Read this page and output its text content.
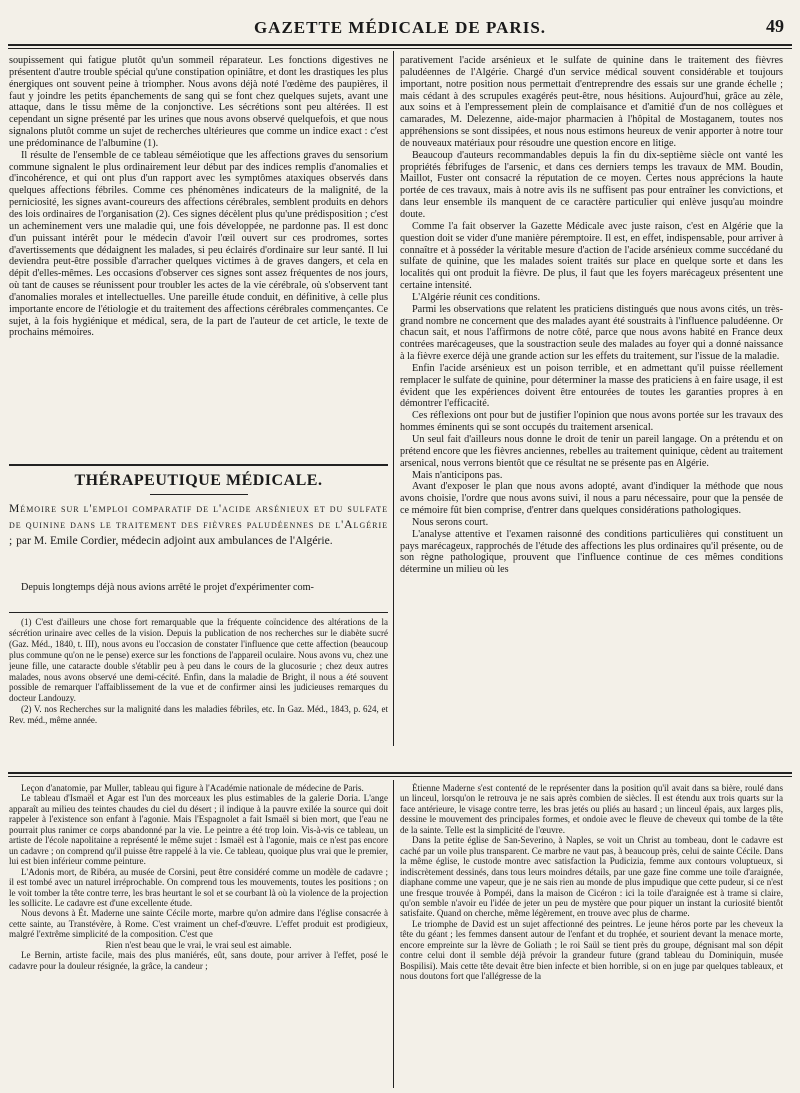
GAZETTE MÉDICALE DE PARIS.	49

soupissement qui fatigue plutôt qu'un sommeil réparateur. Les fonctions digestives ne présentent d'autre trouble spécial qu'une constipation opiniâtre, et dont les drastiques les plus énergiques ont souvent peine à triompher. Nous avons déjà noté l'œdème des paupières, il faut y joindre les petits épanchements de sang qui se font chez quelques sujets, avant une attaque, dans le tissu même de la conjonctive. Les sécrétions sont peu altérées. Il est cependant un signe présenté par les urines que nous avons observé quelquefois, et que nous signalons plutôt comme un sujet de recherches ultérieures que comme un indice exact : c'est une prédominance de l'albumine (1).

Il résulte de l'ensemble de ce tableau séméiotique que les affections graves du sensorium commune signalent le plus ordinairement leur début par des indices remplis d'anomalies et d'incohérence, et qui ont plus d'un rapport avec les symptômes ataxiques observés dans quelques affections fébriles. Comme ces phénomènes indicateurs de la malignité, de la perniciosité, les signes avant-coureurs des affections cérébrales, semblent produits en dehors des lois ordinaires de l'organisation (2). Ces signes décèlent plus qu'une prédisposition ; c'est un acheminement vers une maladie qui, une fois développée, ne pardonne pas. Il est donc d'un puissant intérêt pour le médecin d'avoir l'œil ouvert sur ces prodromes, sortes d'avertissements que dédaignent les malades, si peu éclairés d'ordinaire sur leur santé. Il lui deviendra peut-être possible d'arracher quelques victimes à de graves dangers, et cela en dépit d'elles-mêmes. Les occasions d'observer ces signes sont assez fréquentes de nos jours, où tant de causes se réunissent pour troubler les actes de la vie cérébrale, où s'observent tant d'anomalies morales et intellectuelles. Une pareille étude conduit, en définitive, à celle plus importante encore de l'étiologie et du traitement des affections cérébrales commençantes. Ce sujet, à la fois hygiénique et médical, sera, de la part de l'auteur de cet article, le texte de prochains mémoires.

THÉRAPEUTIQUE MÉDICALE.
Mémoire sur l'emploi comparatif de l'acide arsénieux et du sulfate de quinine dans le traitement des fièvres paludéennes de l'Algérie ; par M. Emile Cordier, médecin adjoint aux ambulances de l'Algérie.
Depuis longtemps déjà nous avions arrêté le projet d'expérimenter com-

(1) C'est d'ailleurs une chose fort remarquable que la fréquente coïncidence des altérations de la sécrétion urinaire avec celles de la vision. Depuis la publication de nos recherches sur le diabète sucré (Gaz. Méd., 1840, t. III), nous avons eu l'occasion de constater l'influence que cette affection (beaucoup plus commune qu'on ne le pense) exerce sur les fonctions de l'appareil oculaire. Nous avons vu, chez une jeune fille, une cataracte double s'établir peu à peu dans le cours de la glucosurie ; chez deux autres malades, nous avons observé une demi-cécité. Enfin, dans la maladie de Bright, il nous a été souvent possible de remarquer l'affaiblissement de la vue et de confirmer ainsi les judicieuses remarques du docteur Landouzy.

(2) V. nos Recherches sur la malignité dans les maladies fébriles, etc. In Gaz. Méd., 1843, p. 624, et Rev. méd., même année.

parativement l'acide arsénieux et le sulfate de quinine dans le traitement des fièvres paludéennes de l'Algérie. Chargé d'un service médical souvent considérable et toujours important, notre position nous permettait d'entreprendre des essais sur une grande échelle ; mais cédant à des scrupules exagérés peut-être, nous hésitions. Aujourd'hui, grâce au zèle, aux soins et à l'empressement plein de complaisance et d'amitié d'un de nos collègues et camarades, M. Delezenne, aide-major pharmacien à l'hôpital de Mostaganem, toutes nos appréhensions se sont dissipées, et nous nous estimons heureux de venir apporter à notre tour de nouveaux matériaux pour résoudre une question encore en litige.

Beaucoup d'auteurs recommandables depuis la fin du dix-septième siècle ont vanté les propriétés fébrifuges de l'arsenic, et dans ces derniers temps les travaux de MM. Boudin, Maillot, Fuster ont consacré la réputation de ce moyen. Certes nous apprécions la haute portée de ces travaux, mais à notre avis ils ne suffisent pas pour entraîner les convictions, et dans leur ensemble ils manquent de ce caractère particulier qui enlève jusqu'au moindre doute.

Comme l'a fait observer la Gazette Médicale avec juste raison, c'est en Algérie que la question doit se vider d'une manière péremptoire. Il est, en effet, indispensable, pour arriver à connaître et à posséder la véritable mesure d'action de l'acide arsénieux comme succédané du sulfate de quinine, que les malades soient traités sur place en quelque sorte et dans les localités qui ont produit la fièvre. De plus, il faut que les foyers marécageux présentent une certaine intensité.

L'Algérie réunit ces conditions.

Parmi les observations que relatent les praticiens distingués que nous avons cités, un très-grand nombre ne concernent que des malades ayant été soustraits à l'influence paludéenne. Or chacun sait, et nous l'affirmons de notre côté, parce que nous avons habité en France deux contrées marécageuses, que la soustraction seule des malades au foyer qui a donné naissance à la fièvre exerce déjà une grande action sur les effets du traitement, sur l'issue de la maladie.

Enfin l'acide arsénieux est un poison terrible, et en admettant qu'il puisse réellement remplacer le sulfate de quinine, pour déterminer la masse des praticiens à en faire usage, il est évident que les expériences doivent être entourées de toutes les garanties propres à en démontrer l'efficacité.

Ces réflexions ont pour but de justifier l'opinion que nous avons portée sur les travaux des hommes éminents qui se sont occupés du traitement arsenical.

Un seul fait d'ailleurs nous donne le droit de tenir un pareil langage. On a prétendu et on prétend encore que les fièvres anciennes, rebelles au traitement quinique, cèdent au traitement arsenical, nous verrons bientôt que ce résultat ne se présente pas en Algérie.

Mais n'anticipons pas.

Avant d'exposer le plan que nous avons adopté, avant d'indiquer la méthode que nous avons choisie, l'ordre que nous avons suivi, il nous a paru nécessaire, pour que la pensée de ce mémoire fût bien comprise, d'entrer dans quelques considérations pathologiques.

Nous serons court.

L'analyse attentive et l'examen raisonné des conditions particulières qui constituent un pays marécageux, rapprochés de l'étude des affections les plus ordinaires qu'il présente, ou de son règne pathologique, prouvent que l'influence continue de ces mêmes conditions détermine un milieu où les

Leçon d'anatomie, par Muller, tableau qui figure à l'Académie nationale de médecine de Paris.

Le tableau d'Ismaël et Agar est l'un des morceaux les plus estimables de la galerie Doria. L'ange apparaît au milieu des teintes chaudes du ciel du désert ; il indique à la pauvre exilée la source qui doit rappeler à l'existence son enfant à l'agonie. Mais l'Espagnolet a fait Ismaël si bien mort, que l'eau ne pourrait plus ranimer ce corps abandonné par la vie. Le peintre a été trop loin. Vis-à-vis ce tableau, un artiste de l'école napolitaine a représenté le même sujet : Ismaël est à l'agonie, mais ce n'est pas encore un cadavre ; on comprend qu'il puisse être rappelé à la vie. Ce tableau, quoique plus vrai que le premier, lui est bien inférieur comme peinture.

L'Adonis mort, de Ribéra, au musée de Corsini, peut être considéré comme un modèle de cadavre ; il est tombé avec un naturel irréprochable. On comprend tous les mouvements, toutes les positions ; on le voit tomber la tête contre terre, les bras heurtant le sol et se courbant là où la violence de la projection les sollicite. Le cadavre est d'une excellente étude.

Nous devons à Ét. Maderne une sainte Cécile morte, marbre qu'on admire dans l'église consacrée à cette sainte, au Transtévère, à Rome. C'est vraiment un chef-d'œuvre. L'effet produit est prodigieux, malgré l'extrême simplicité de la composition. C'est que

Rien n'est beau que le vrai, le vrai seul est aimable.

Le Bernin, artiste facile, mais des plus maniérés, eût, sans doute, pour arriver à l'effet, posé le cadavre pour la douleur résignée, la grâce, la candeur ;

Étienne Maderne s'est contenté de le représenter dans la position qu'il avait dans sa bière, roulé dans un linceul, lorsqu'on le retrouva je ne sais après combien de siècles. Il est étendu aux trois quarts sur la face antérieure, le visage contre terre, les bras jetés ou pliés au hasard ; un linceul épais, aux larges plis, dessine le mouvement des principales formes, et ondoie avec le fleuve de cheveux qui tombe de la tête de la sainte. Telle est la simplicité de l'œuvre.

Dans la petite église de San-Severino, à Naples, se voit un Christ au tombeau, dont le cadavre est caché par un voile plus transparent. Ce marbre ne vaut pas, à beaucoup près, celui de sainte Cécile. Dans la même église, le custode montre avec satisfaction la Pudicizia, femme aux contours voluptueux, si indiscrètement dessinés, dans tous leurs moindres détails, par une gaze fine comme une toile d'araignée, diaphane comme une vapeur, que je ne sais rien au monde de plus impudique que cette pudeur, si ce n'est une fresque trouvée à Pompéi, dans la maison de Cicéron : ici la toile d'araignée est à trame si claire, qu'on semble n'avoir eu l'idée de jeter un peu de mystère que pour piquer un instant la curiosité bientôt satisfaite. Quand on cherche, même légèrement, en trouve avec plus de charme.

Le triomphe de David est un sujet affectionné des peintres. Le jeune héros porte par les cheveux la tête du géant ; les femmes dansent autour de l'enfant et du trophée, et sourient devant la menace morte, encore empreinte sur la lèvre de Goliath ; le roi Saül se tient près du groupe, dégnisant mal son dépit contre celui dont il semble déjà prévoir la grandeur future (grand tableau du Dominiquin, musée Bospilisi). Mais cette tête devait être bien infecte et bien horrible, si on en juge par quelques tableaux, et nous doutons fort que l'allégresse de la
